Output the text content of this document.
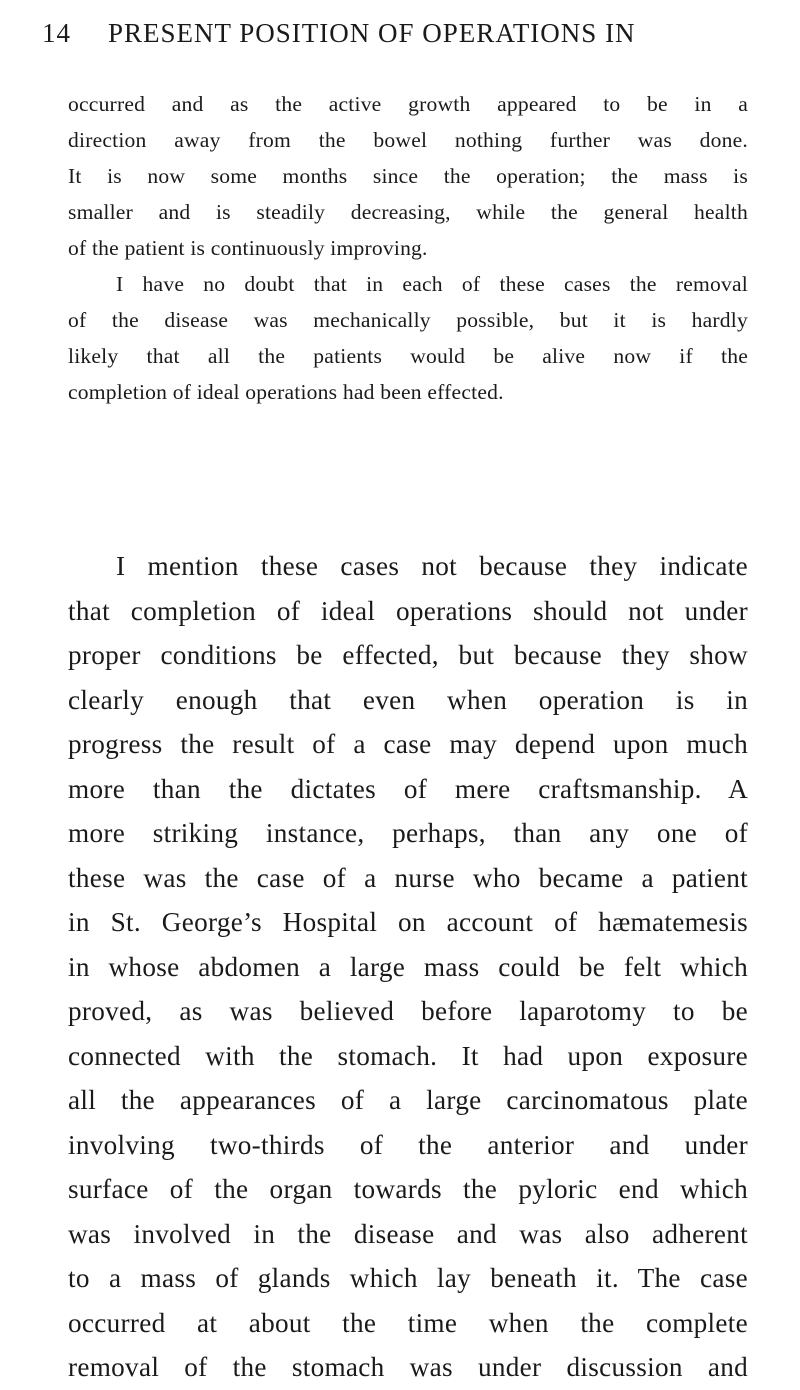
14 PRESENT POSITION OF OPERATIONS IN
occurred and as the active growth appeared to be in a
direction away from the bowel nothing further was done.
It is now some months since the operation; the mass is
smaller and is steadily decreasing, while the general health
of the patient is continuously improving.
I have no doubt that in each of these cases the removal
of the disease was mechanically possible, but it is hardly
likely that all the patients would be alive now if the
completion of ideal operations had been effected.
I mention these cases not because they indicate
that completion of ideal operations should not under
proper conditions be effected, but because they show
clearly enough that even when operation is in
progress the result of a case may depend upon much
more than the dictates of mere craftsmanship. A
more striking instance, perhaps, than any one of
these was the case of a nurse who became a patient
in St. George’s Hospital on account of hæmatemesis
in whose abdomen a large mass could be felt which
proved, as was believed before laparotomy to be
connected with the stomach. It had upon exposure
all the appearances of a large carcinomatous plate
involving two-thirds of the anterior and under
surface of the organ towards the pyloric end which
was involved in the disease and was also adherent
to a mass of glands which lay beneath it. The case
occurred at about the time when the complete
removal of the stomach was under discussion and
